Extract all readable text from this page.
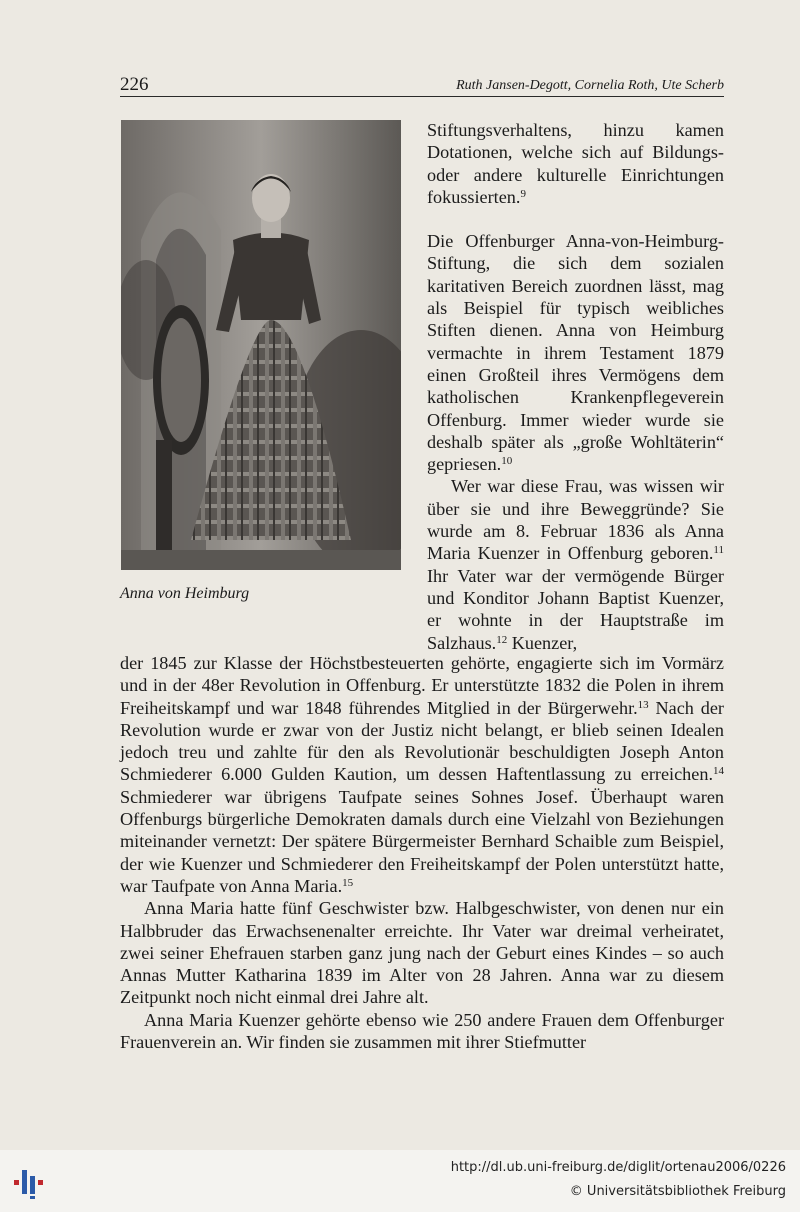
226	Ruth Jansen-Degott, Cornelia Roth, Ute Scherb
Anna von Heimburg

Stiftungsverhaltens, hinzu kamen Dotationen, welche sich auf Bildungs- oder andere kulturelle Einrichtungen fokussierten.$^9$

Die Offenburger Anna-von-Heimburg-Stiftung, die sich dem sozialen karitativen Bereich zuordnen lässt, mag als Beispiel für typisch weibliches Stiften dienen. Anna von Heimburg vermachte in ihrem Testament 1879 einen Großteil ihres Vermögens dem katholischen Krankenpflegeverein Offenburg. Immer wieder wurde sie deshalb später als „große Wohltäterin“ gepriesen.$^{10}$

Wer war diese Frau, was wissen wir über sie und ihre Beweggründe? Sie wurde am 8. Februar 1836 als Anna Maria Kuenzer in Offenburg geboren.$^{11}$ Ihr Vater war der vermögende Bürger und Konditor Johann Baptist Kuenzer, er wohnte in der Hauptstraße im Salzhaus.$^{12}$ Kuenzer,

der 1845 zur Klasse der Höchstbesteuerten gehörte, engagierte sich im Vormärz und in der 48er Revolution in Offenburg. Er unterstützte 1832 die Polen in ihrem Freiheitskampf und war 1848 führendes Mitglied in der Bürgerwehr.$^{13}$ Nach der Revolution wurde er zwar von der Justiz nicht belangt, er blieb seinen Idealen jedoch treu und zahlte für den als Revolutionär beschuldigten Joseph Anton Schmiederer 6.000 Gulden Kaution, um dessen Haftentlassung zu erreichen.$^{14}$ Schmiederer war übrigens Taufpate seines Sohnes Josef. Überhaupt waren Offenburgs bürgerliche Demokraten damals durch eine Vielzahl von Beziehungen miteinander vernetzt: Der spätere Bürgermeister Bernhard Schaible zum Beispiel, der wie Kuenzer und Schmiederer den Freiheitskampf der Polen unterstützt hatte, war Taufpate von Anna Maria.$^{15}$

Anna Maria hatte fünf Geschwister bzw. Halbgeschwister, von denen nur ein Halbbruder das Erwachsenenalter erreichte. Ihr Vater war dreimal verheiratet, zwei seiner Ehefrauen starben ganz jung nach der Geburt eines Kindes – so auch Annas Mutter Katharina 1839 im Alter von 28 Jahren. Anna war zu diesem Zeitpunkt noch nicht einmal drei Jahre alt.

Anna Maria Kuenzer gehörte ebenso wie 250 andere Frauen dem Offenburger Frauenverein an. Wir finden sie zusammen mit ihrer Stiefmutter

http://dl.ub.uni-freiburg.de/diglit/ortenau2006/0226
© Universitätsbibliothek Freiburg
